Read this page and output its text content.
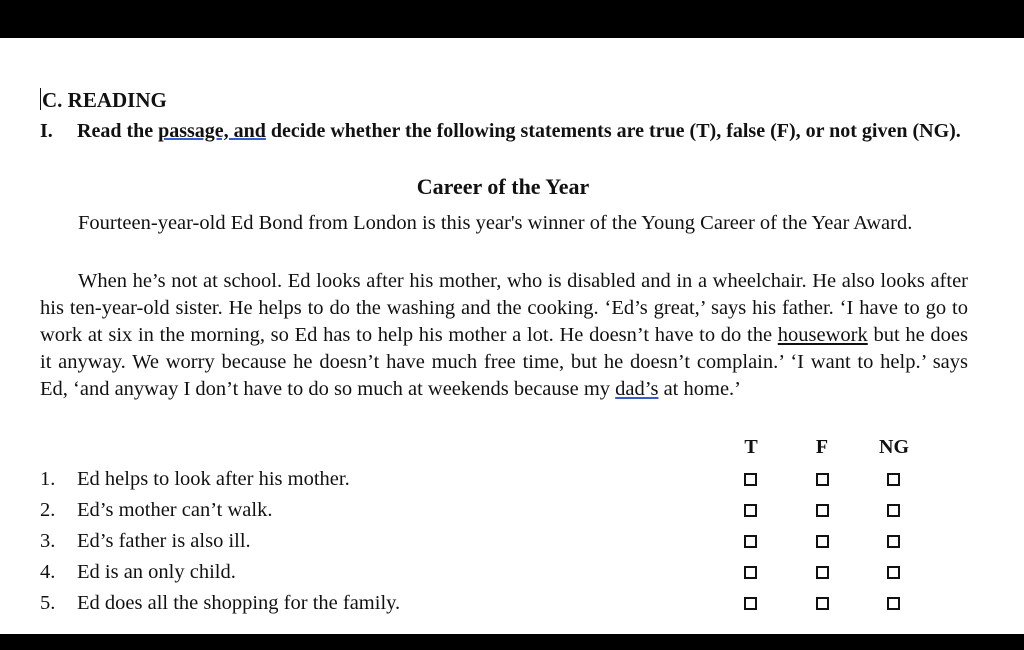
C. READING
I. Read the passage, and decide whether the following statements are true (T), false (F), or not given (NG).
Career of the Year
Fourteen-year-old Ed Bond from London is this year's winner of the Young Career of the Year Award.
When he’s not at school. Ed looks after his mother, who is disabled and in a wheelchair. He also looks after his ten-year-old sister. He helps to do the washing and the cooking. ‘Ed’s great,’ says his father. ‘I have to go to work at six in the morning, so Ed has to help his mother a lot. He doesn’t have to do the housework but he does it anyway. We worry because he doesn’t have much free time, but he doesn’t complain.’ ‘I want to help.’ says Ed, ‘and anyway I don’t have to do so much at weekends because my dad’s at home.’
T	F	NG
1. Ed helps to look after his mother.
2. Ed’s mother can’t walk.
3. Ed’s father is also ill.
4. Ed is an only child.
5. Ed does all the shopping for the family.
